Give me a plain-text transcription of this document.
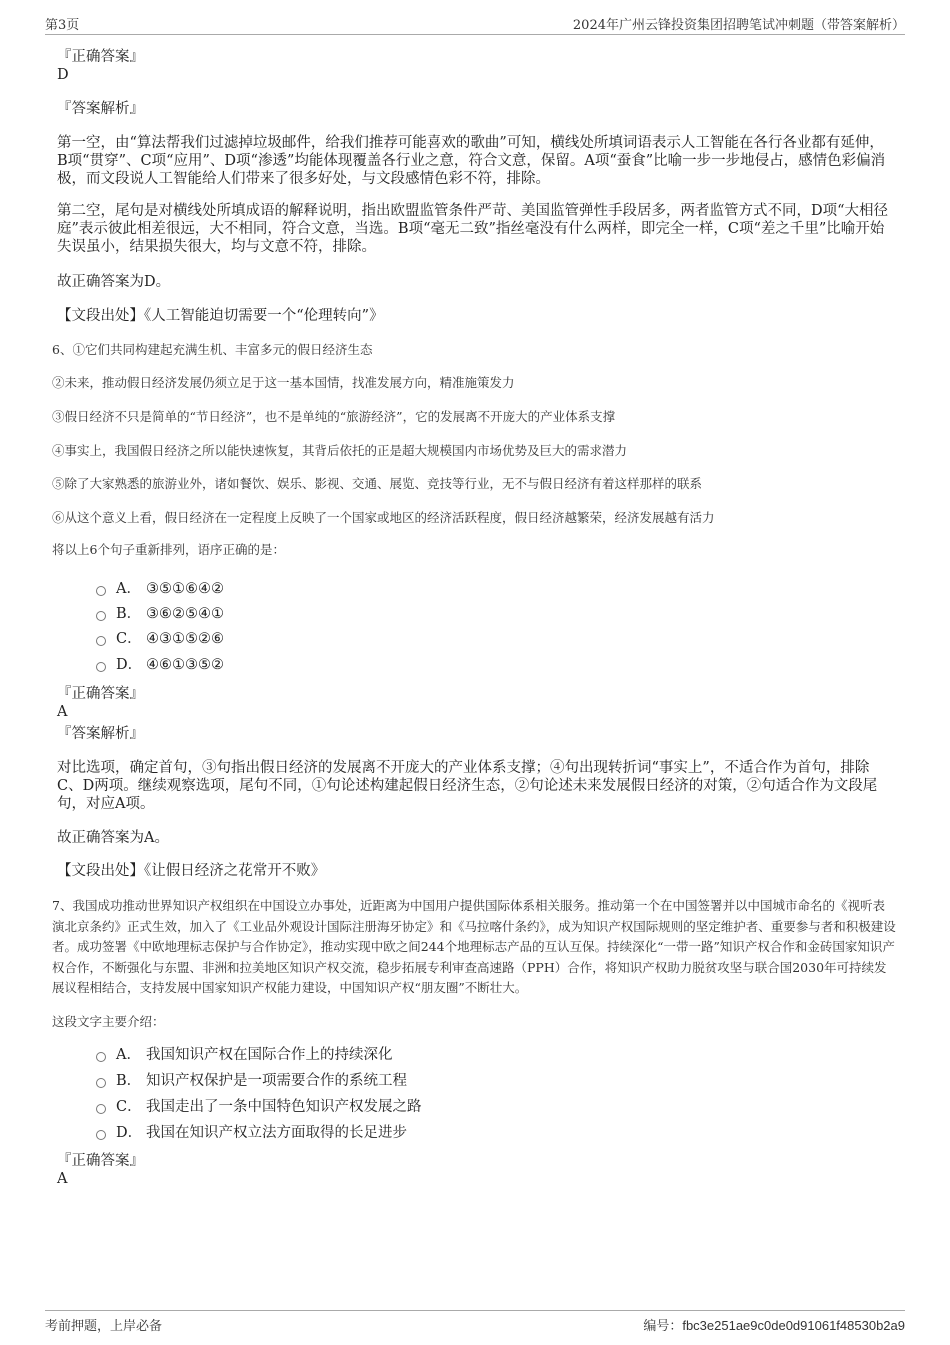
第3页	2024年广州云锋投资集团招聘笔试冲刺题（带答案解析）
『正确答案』
D
『答案解析』
第一空，由“算法帮我们过滤掉垃圾邮件，给我们推荐可能喜欢的歌曲”可知，横线处所填词语表示人工智能在各行各业都有延伸，B项“贯穿”、C项“应用”、D项“渗透”均能体现覆盖各行业之意，符合文意，保留。A项“蚕食”比喻一步一步地侵占，感情色彩偏消极，而文段说人工智能给人们带来了很多好处，与文段感情色彩不符，排除。
第二空，尾句是对横线处所填成语的解释说明，指出欧盟监管条件严苛、美国监管弹性手段居多，两者监管方式不同，D项“大相径庭”表示彼此相差很远，大不相同，符合文意，当选。B项“毫无二致”指丝毫没有什么两样，即完全一样，C项“差之千里”比喻开始失误虽小，结果损失很大，均与文意不符，排除。
故正确答案为D。
【文段出处】《人工智能迫切需要一个“伦理转向”》
6、①它们共同构建起充满生机、丰富多元的假日经济生态
②未来，推动假日经济发展仍须立足于这一基本国情，找准发展方向，精准施策发力
③假日经济不只是简单的“节日经济”，也不是单纯的“旅游经济”，它的发展离不开庞大的产业体系支撑
④事实上，我国假日经济之所以能快速恢复，其背后依托的正是超大规模国内市场优势及巨大的需求潜力
⑤除了大家熟悉的旅游业外，诸如餐饮、娱乐、影视、交通、展览、竞技等行业，无不与假日经济有着这样那样的联系
⑥从这个意义上看，假日经济在一定程度上反映了一个国家或地区的经济活跃程度，假日经济越繁荣，经济发展越有活力
将以上6个句子重新排列，语序正确的是：
A． ③⑤①⑥④②
B． ③⑥②⑤④①
C． ④③①⑤②⑥
D． ④⑥①③⑤②
『正确答案』
A
『答案解析』
对比选项，确定首句，③句指出假日经济的发展离不开庞大的产业体系支撑；④句出现转折词“事实上”，不适合作为首句，排除C、D两项。继续观察选项，尾句不同，①句论述构建起假日经济生态，②句论述未来发展假日经济的对策，②句适合作为文段尾句，对应A项。
故正确答案为A。
【文段出处】《让假日经济之花常开不败》
7、我国成功推动世界知识产权组织在中国设立办事处，近距离为中国用户提供国际体系相关服务。推动第一个在中国签署并以中国城市命名的《视听表演北京条约》正式生效，加入了《工业品外观设计国际注册海牙协定》和《马拉喀什条约》，成为知识产权国际规则的坚定维护者、重要参与者和积极建设者。成功签署《中欧地理标志保护与合作协定》，推动实现中欧之间244个地理标志产品的互认互保。持续深化“一带一路”知识产权合作和金砖国家知识产权合作，不断强化与东盟、非洲和拉美地区知识产权交流，稳步拓展专利审查高速路（PPH）合作，将知识产权助力脱贫攻坚与联合国2030年可持续发展议程相结合，支持发展中国家知识产权能力建设，中国知识产权“朋友圈”不断壮大。
这段文字主要介绍：
A． 我国知识产权在国际合作上的持续深化
B． 知识产权保护是一项需要合作的系统工程
C． 我国走出了一条中国特色知识产权发展之路
D． 我国在知识产权立法方面取得的长足进步
『正确答案』
A
考前押题，上岸必备	编号：fbc3e251ae9c0de0d91061f48530b2a9
